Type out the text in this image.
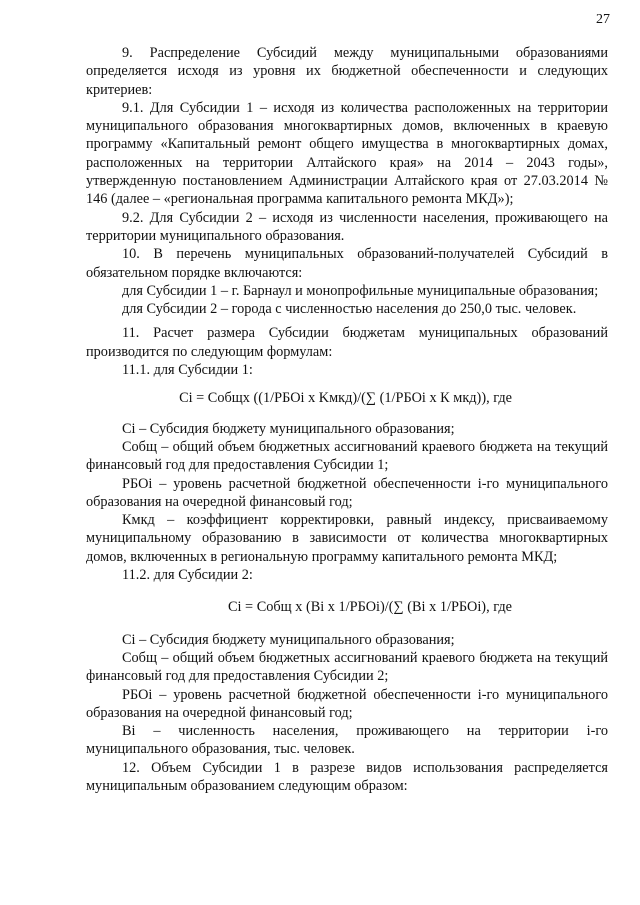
27

9. Распределение Субсидий между муниципальными образованиями определяется исходя из уровня их бюджетной обеспеченности и следующих критериев:

9.1. Для Субсидии 1 – исходя из количества расположенных на территории муниципального образования многоквартирных домов, включенных в краевую программу «Капитальный ремонт общего имущества в многоквартирных домах, расположенных на территории Алтайского края» на 2014 – 2043 годы», утвержденную постановлением Администрации Алтайского края от 27.03.2014 № 146 (далее – «региональная программа капитального ремонта МКД»);

9.2. Для Субсидии 2 – исходя из численности населения, проживающего на территории муниципального образования.

10. В перечень муниципальных образований-получателей Субсидий в обязательном порядке включаются:

для Субсидии 1 – г. Барнаул и монопрофильные муниципальные образования;

для Субсидии 2 – города с численностью населения до 250,0 тыс. человек.

11. Расчет размера Субсидии бюджетам муниципальных образований производится по следующим формулам:

11.1. для Субсидии 1:

Ci = Cобщx ((1/РБОi x Kмкд)/(∑ (1/РБОi x К мкд)), где

Ci – Субсидия бюджету муниципального образования;

Cобщ – общий объем бюджетных ассигнований краевого бюджета на текущий финансовый год для предоставления Субсидии 1;

РБОi – уровень расчетной бюджетной обеспеченности i-го муниципального образования на очередной финансовый год;

Кмкд – коэффициент корректировки, равный индексу, присваиваемому муниципальному образованию в зависимости от количества многоквартирных домов, включенных в региональную программу капитального ремонта МКД;

11.2. для Субсидии 2:

Ci = Cобщ x (Bi x 1/РБОi)/(∑ (Bi x 1/РБОi), где

Ci – Субсидия бюджету муниципального образования;

Cобщ – общий объем бюджетных ассигнований краевого бюджета на текущий финансовый год для предоставления Субсидии 2;

РБОi – уровень расчетной бюджетной обеспеченности i-го муниципального образования на очередной финансовый год;

Bi – численность населения, проживающего на территории i-го муниципального образования, тыс. человек.

12. Объем Субсидии 1 в разрезе видов использования распределяется муниципальным образованием следующим образом:
